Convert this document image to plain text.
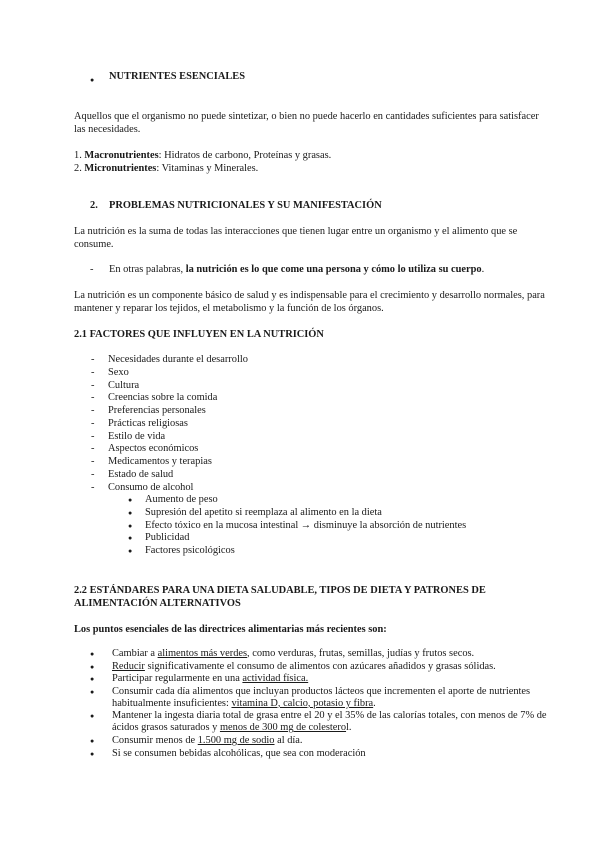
● NUTRIENTES ESENCIALES
Aquellos que el organismo no puede sintetizar, o bien no puede hacerlo en cantidades suficientes para satisfacer las necesidades.
1. Macronutrientes: Hidratos de carbono, Proteínas y grasas.
2. Micronutrientes: Vitaminas y Minerales.
2.	PROBLEMAS NUTRICIONALES Y SU MANIFESTACIÓN
La nutrición es la suma de todas las interacciones que tienen lugar entre un organismo y el alimento que se consume.
- En otras palabras, la nutrición es lo que come una persona y cómo lo utiliza su cuerpo.
La nutrición es un componente básico de salud y es indispensable para el crecimiento y desarrollo normales, para mantener y reparar los tejidos, el metabolismo y la función de los órganos.
2.1 FACTORES QUE INFLUYEN EN LA NUTRICIÓN
- Necesidades durante el desarrollo
- Sexo
- Cultura
- Creencias sobre la comida
- Preferencias personales
- Prácticas religiosas
- Estilo de vida
- Aspectos económicos
- Medicamentos y terapias
- Estado de salud
- Consumo de alcohol
● Aumento de peso
● Supresión del apetito si reemplaza al alimento en la dieta
● Efecto tóxico en la mucosa intestinal → disminuye la absorción de nutrientes
● Publicidad
● Factores psicológicos
2.2 ESTÁNDARES PARA UNA DIETA SALUDABLE, TIPOS DE DIETA Y PATRONES DE ALIMENTACIÓN ALTERNATIVOS
Los puntos esenciales de las directrices alimentarias más recientes son:
● Cambiar a alimentos más verdes, como verduras, frutas, semillas, judías y frutos secos.
● Reducir significativamente el consumo de alimentos con azúcares añadidos y grasas sólidas.
● Participar regularmente en una actividad física.
● Consumir cada día alimentos que incluyan productos lácteos que incrementen el aporte de nutrientes habitualmente insuficientes: vitamina D, calcio, potasio y fibra.
● Mantener la ingesta diaria total de grasa entre el 20 y el 35% de las calorías totales, con menos de 7% de ácidos grasos saturados y menos de 300 mg de colesterol.
● Consumir menos de 1.500 mg de sodio al día.
● Si se consumen bebidas alcohólicas, que sea con moderación
